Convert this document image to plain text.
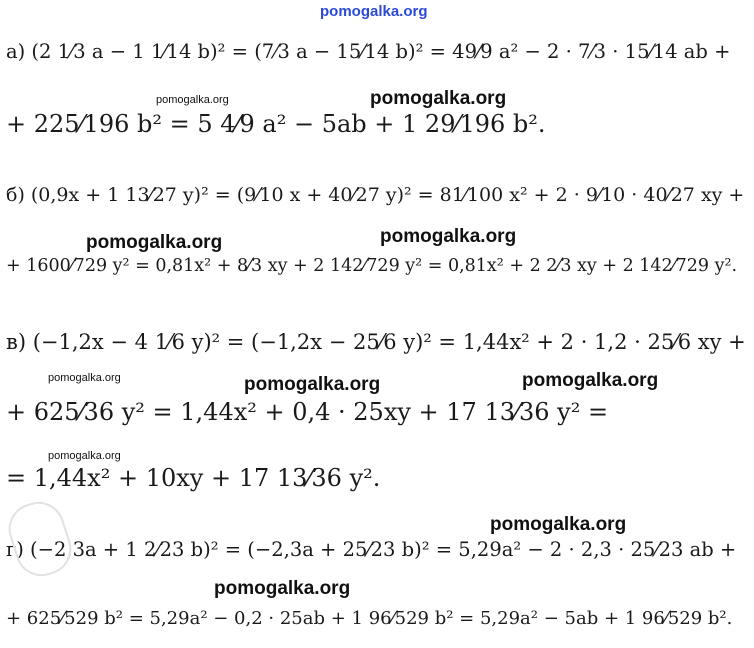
pomogalka.org
а) (2 1⁄3 a − 1 1⁄14 b)² = (7⁄3 a − 15⁄14 b)² = 49⁄9 a² − 2 · 7⁄3 · 15⁄14 ab +
+ 225⁄196 b² = 5 4⁄9 a² − 5ab + 1 29⁄196 b².
б) (0,9x + 1 13⁄27 y)² = (9⁄10 x + 40⁄27 y)² = 81⁄100 x² + 2 · 9⁄10 · 40⁄27 xy +
+ 1600⁄729 y² = 0,81x² + 8⁄3 xy + 2 142⁄729 y² = 0,81x² + 2 2⁄3 xy + 2 142⁄729 y².
в) (−1,2x − 4 1⁄6 y)² = (−1,2x − 25⁄6 y)² = 1,44x² + 2 · 1,2 · 25⁄6 xy +
+ 625⁄36 y² = 1,44x² + 0,4 · 25xy + 17 13⁄36 y² =
= 1,44x² + 10xy + 17 13⁄36 y².
г) (−2,3a + 1 2⁄23 b)² = (−2,3a + 25⁄23 b)² = 5,29a² − 2 · 2,3 · 25⁄23 ab +
+ 625⁄529 b² = 5,29a² − 0,2 · 25ab + 1 96⁄529 b² = 5,29a² − 5ab + 1 96⁄529 b².
pomogalka.org
pomogalka.org
pomogalka.org	pomogalka.org
pomogalka.org	pomogalka.org	pomogalka.org
pomogalka.org
pomogalka.org
pomogalka.org
